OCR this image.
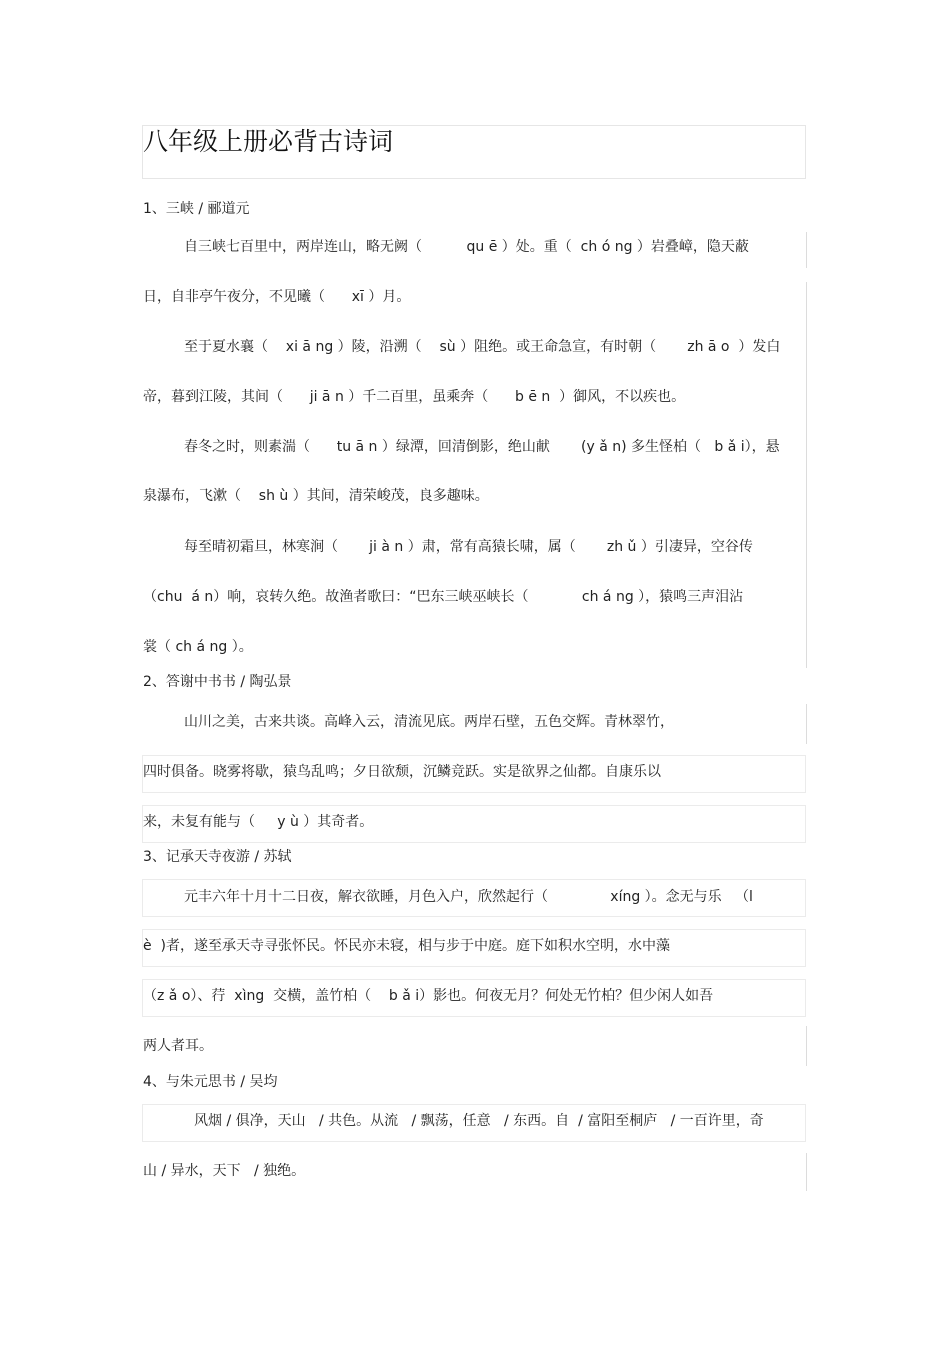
八年级上册必背古诗词
1、三峡 / 郦道元
自三峡七百里中，两岸连山，略无阙（          qu ē ）处。重（  ch ó ng ）岩叠嶂，隐天蔽
日，自非亭午夜分，不见曦（      xī ）月。
至于夏水襄（    xi ā ng ）陵，沿溯（    sù ）阻绝。或王命急宣，有时朝（       zh ā o  ）发白
帝，暮到江陵，其间（      ji ā n ）千二百里，虽乘奔（      b ē n  ）御风，不以疾也。
春冬之时，则素湍（      tu ā n ）绿潭，回清倒影，绝山献       (y ǎ n) 多生怪柏（   b ǎ i），悬
泉瀑布，飞漱（    sh ù ）其间，清荣峻茂，良多趣味。
每至晴初霜旦，林寒涧（       ji à n ）肃，常有高猿长啸，属（       zh ǔ ）引凄异，空谷传
（chu  á n）响，哀转久绝。故渔者歌曰：“巴东三峡巫峡长（            ch á ng ），猿鸣三声泪沾
裳（ ch á ng ）。
2、答谢中书书 / 陶弘景
山川之美，古来共谈。高峰入云，清流见底。两岸石壁，五色交辉。青林翠竹，
四时俱备。晓雾将歇，猿鸟乱鸣；夕日欲颓，沉鳞竞跃。实是欲界之仙都。自康乐以
来，未复有能与（     y ù ）其奇者。
3、记承天寺夜游 / 苏轼
元丰六年十月十二日夜，解衣欲睡，月色入户，欣然起行（              xíng ）。念无与乐   （l
è  )者，遂至承天寺寻张怀民。怀民亦未寝，相与步于中庭。庭下如积水空明，水中藻
（z ǎ o）、荇  xìng  交横，盖竹柏（    b ǎ i）影也。何夜无月？何处无竹柏？但少闲人如吾
两人者耳。
4、与朱元思书 / 吴均
风烟 / 俱净，天山   / 共色。从流   / 飘荡，任意   / 东西。自  / 富阳至桐庐   / 一百许里，奇
山 / 异水，天下   / 独绝。
